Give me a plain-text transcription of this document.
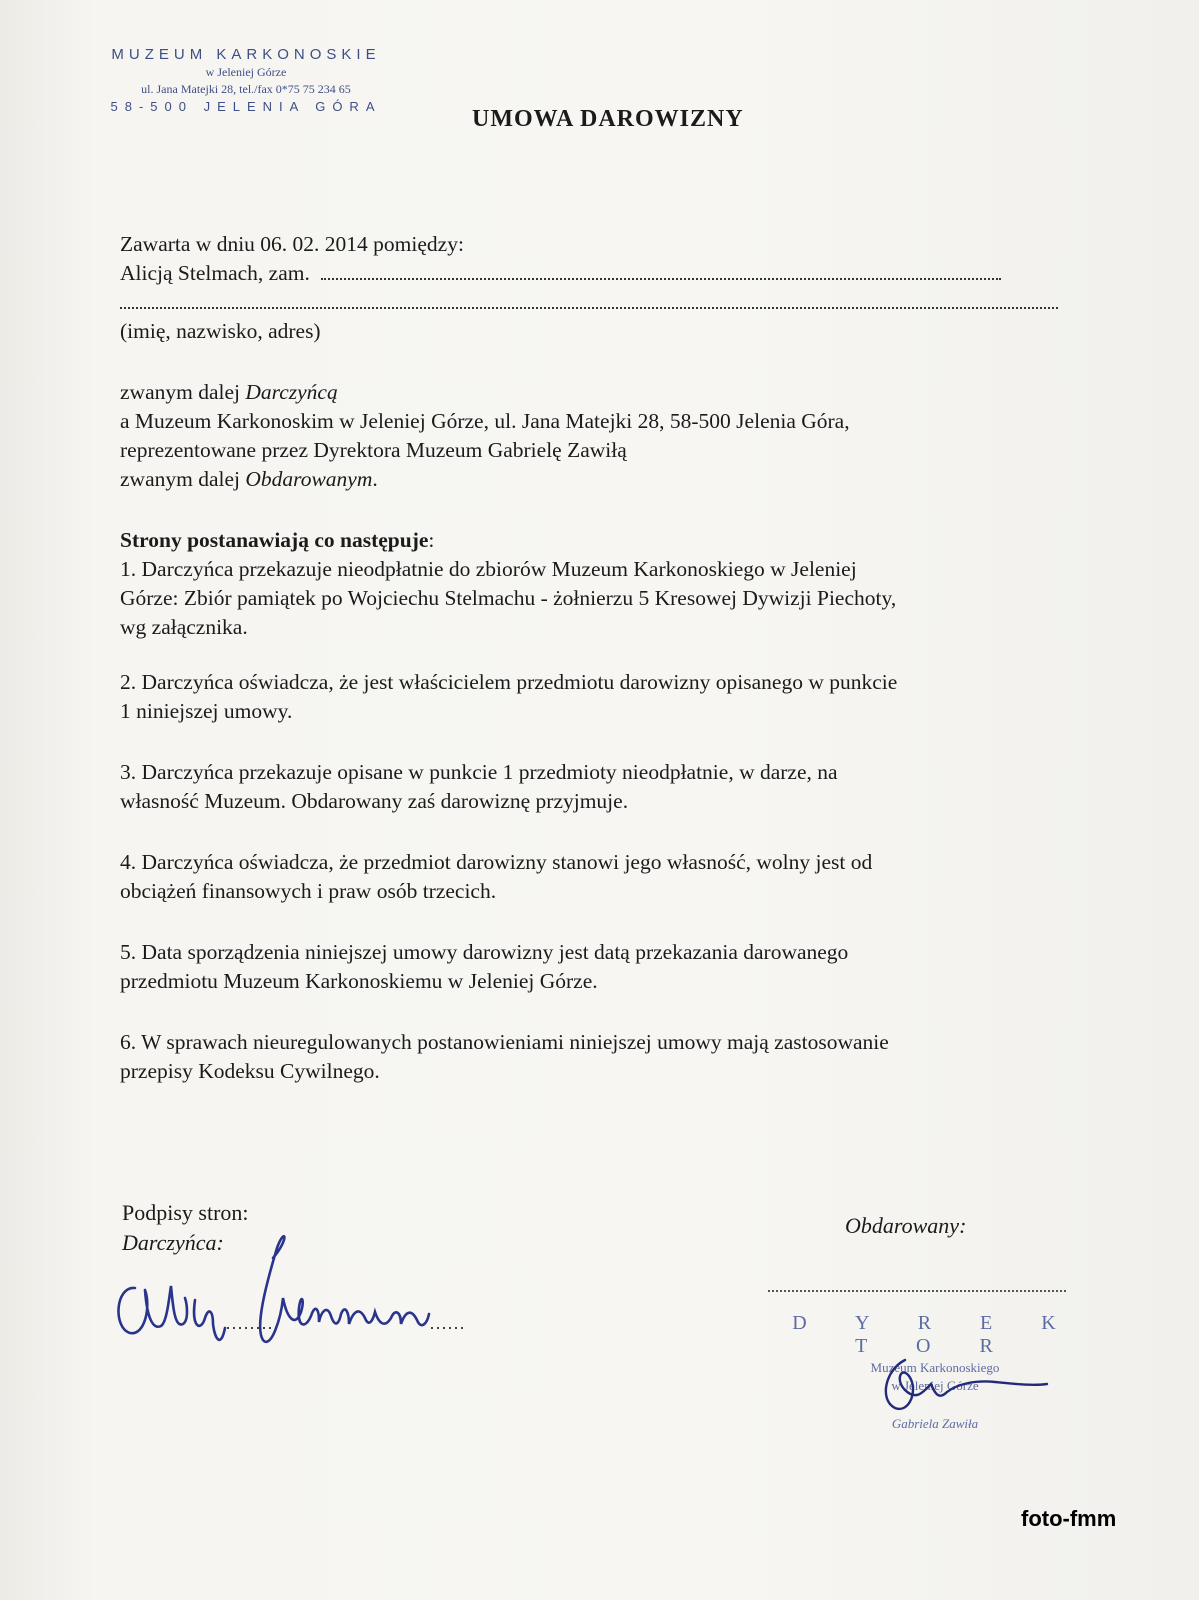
MUZEUM KARKONOSKIE
w Jeleniej Górze
ul. Jana Matejki 28, tel./fax 0*75 75 234 65
58-500 JELENIA GÓRA	UMOWA DAROWIZNY
Zawarta w dniu 06. 02. 2014 pomiędzy:
Alicją Stelmach, zam.
(imię, nazwisko, adres)
zwanym dalej Darczyńcą
a Muzeum Karkonoskim w Jeleniej Górze, ul. Jana Matejki 28, 58-500 Jelenia Góra,
reprezentowane przez Dyrektora Muzeum Gabrielę Zawiłą
zwanym dalej Obdarowanym.
Strony postanawiają co następuje:
1. Darczyńca przekazuje nieodpłatnie do zbiorów Muzeum Karkonoskiego w Jeleniej
Górze: Zbiór pamiątek po Wojciechu Stelmachu - żołnierzu 5 Kresowej Dywizji Piechoty,
wg załącznika.
2. Darczyńca oświadcza, że jest właścicielem przedmiotu darowizny opisanego w punkcie
1 niniejszej umowy.
3. Darczyńca przekazuje opisane w punkcie 1 przedmioty nieodpłatnie, w darze, na
własność Muzeum. Obdarowany zaś darowiznę przyjmuje.
4. Darczyńca oświadcza, że przedmiot darowizny stanowi jego własność, wolny jest od
obciążeń finansowych i praw osób trzecich.
5. Data sporządzenia niniejszej umowy darowizny jest datą przekazania darowanego
przedmiotu Muzeum Karkonoskiemu w Jeleniej Górze.
6. W sprawach nieuregulowanych postanowieniami niniejszej umowy mają zastosowanie
przepisy Kodeksu Cywilnego.
Podpisy stron:
Darczyńca:
Obdarowany:
D Y R E K T O R
Muzeum Karkonoskiego
w Jeleniej Górze
Gabriela Zawiła
foto-fmm
